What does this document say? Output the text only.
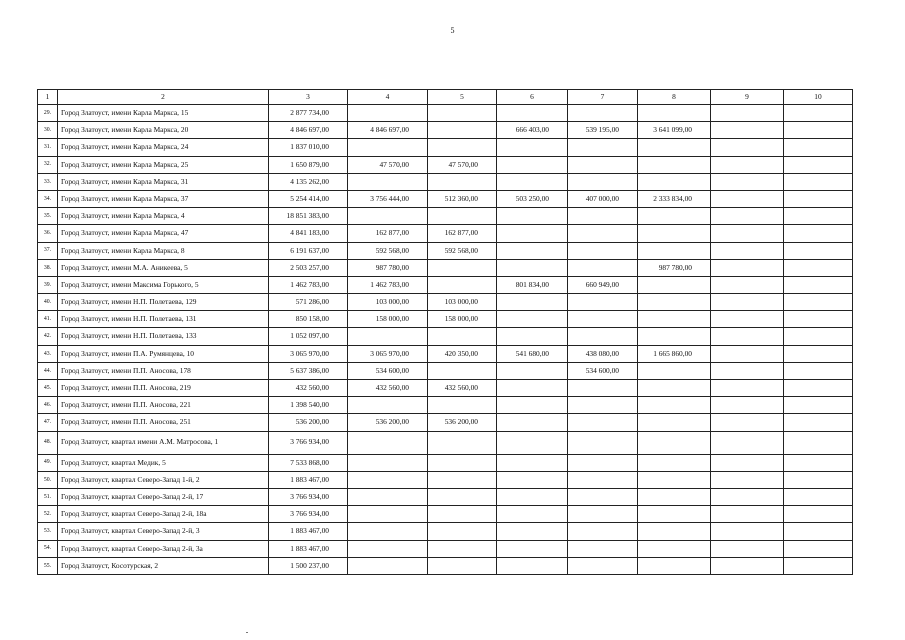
5
1	2	3	4	5	6	7	8	9	10
29.	Город Златоуст, имени Карла Маркса, 15	2 877 734,00							
30.	Город Златоуст, имени Карла Маркса, 20	4 846 697,00	4 846 697,00		666 403,00	539 195,00	3 641 099,00		
31.	Город Златоуст, имени Карла Маркса, 24	1 837 010,00							
32.	Город Златоуст, имени Карла Маркса, 25	1 650 879,00	47 570,00	47 570,00					
33.	Город Златоуст, имени Карла Маркса, 31	4 135 262,00							
34.	Город Златоуст, имени Карла Маркса, 37	5 254 414,00	3 756 444,00	512 360,00	503 250,00	407 000,00	2 333 834,00		
35.	Город Златоуст, имени Карла Маркса, 4	18 851 383,00							
36.	Город Златоуст, имени Карла Маркса, 47	4 841 183,00	162 877,00	162 877,00					
37.	Город Златоуст, имени Карла Маркса, 8	6 191 637,00	592 568,00	592 568,00					
38.	Город Златоуст, имени М.А. Аникеева, 5	2 503 257,00	987 780,00				987 780,00		
39.	Город Златоуст, имени Максима Горького, 5	1 462 783,00	1 462 783,00		801 834,00	660 949,00			
40.	Город Златоуст, имени Н.П. Полетаева, 129	571 286,00	103 000,00	103 000,00					
41.	Город Златоуст, имени Н.П. Полетаева, 131	850 158,00	158 000,00	158 000,00					
42.	Город Златоуст, имени Н.П. Полетаева, 133	1 052 097,00							
43.	Город Златоуст, имени П.А. Румянцева, 10	3 065 970,00	3 065 970,00	420 350,00	541 680,00	438 080,00	1 665 860,00		
44.	Город Златоуст, имени П.П. Аносова, 178	5 637 386,00	534 600,00			534 600,00			
45.	Город Златоуст, имени П.П. Аносова, 219	432 560,00	432 560,00	432 560,00					
46.	Город Златоуст, имени П.П. Аносова, 221	1 398 540,00							
47.	Город Златоуст, имени П.П. Аносова, 251	536 200,00	536 200,00	536 200,00					
48.	Город Златоуст, квартал имени А.М. Матросова, 1	3 766 934,00							
49.	Город Златоуст, квартал Медик, 5	7 533 868,00							
50.	Город Златоуст, квартал Северо-Запад 1-й, 2	1 883 467,00							
51.	Город Златоуст, квартал Северо-Запад 2-й, 17	3 766 934,00							
52.	Город Златоуст, квартал Северо-Запад 2-й, 18а	3 766 934,00							
53.	Город Златоуст, квартал Северо-Запад 2-й, 3	1 883 467,00							
54.	Город Златоуст, квартал Северо-Запад 2-й, 3а	1 883 467,00							
55.	Город Златоуст, Косотурская, 2	1 500 237,00							
